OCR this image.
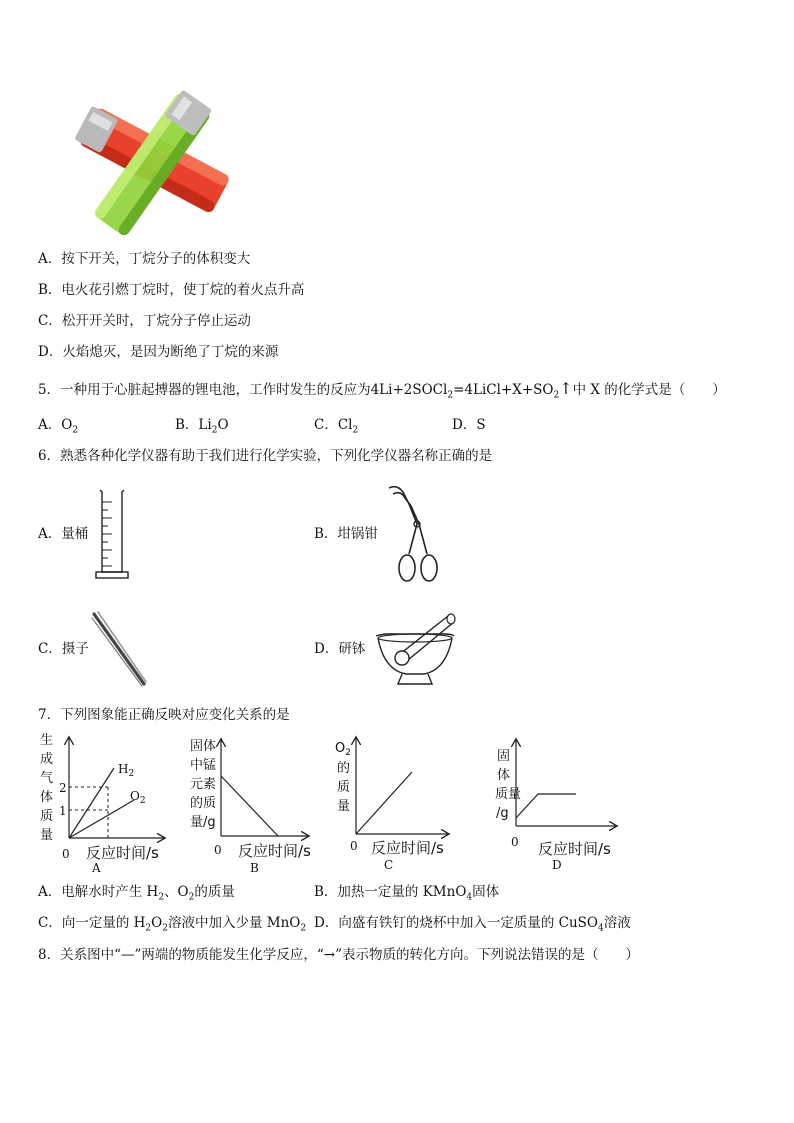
A．按下开关，丁烷分子的体积变大
B．电火花引燃丁烷时，使丁烷的着火点升高
C．松开开关时，丁烷分子停止运动
D．火焰熄灭，是因为断绝了丁烷的来源
5．一种用于心脏起搏器的锂电池，工作时发生的反应为$4Li+2SOCl_2=4LiCl+X+SO_2↑$中 X 的化学式是（　　）
A．$O_2$	B．$Li_2O$	C．$Cl_2$	D．S
6．熟悉各种化学仪器有助于我们进行化学实验，下列化学仪器名称正确的是
A．量桶	B．坩锅钳
C．摄子	D．研钵
7．下列图象能正确反映对应变化关系的是
2
1
$H_2$
$O_2$
生
成
气
体
质
量
0 反应时间/s
A
固体
中锰
元素
的质
量/g
0 反应时间/s
B
$O_2$
的
质
量
0 反应时间/s
C
固
体
质量
/g
0 反应时间/s
D
A．电解水时产生 $H_2$、$O_2$的质量	B．加热一定量的 KMnO$_4$固体
C．向一定量的 $H_2O_2$溶液中加入少量 MnO$_2$ D．向盛有铁钉的烧杯中加入一定质量的 CuSO$_4$溶液
8．关系图中“—”两端的物质能发生化学反应，“→”表示物质的转化方向。下列说法错误的是（　　）
